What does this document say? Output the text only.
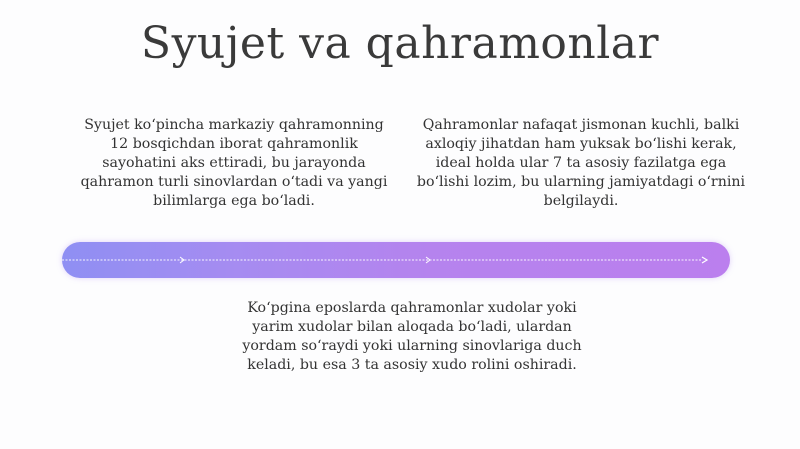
Syujet va qahramonlar
Syujet ko‘pincha markaziy qahramonning 12 bosqichdan iborat qahramonlik sayohatini aks ettiradi, bu jarayonda qahramon turli sinovlardan o‘tadi va yangi bilimlarga ega bo‘ladi.
Qahramonlar nafaqat jismonan kuchli, balki axloqiy jihatdan ham yuksak bo‘lishi kerak, ideal holda ular 7 ta asosiy fazilatga ega bo‘lishi lozim, bu ularning jamiyatdagi o‘rnini belgilaydi.
Ko‘pgina eposlarda qahramonlar xudolar yoki yarim xudolar bilan aloqada bo‘ladi, ulardan yordam so‘raydi yoki ularning sinovlariga duch keladi, bu esa 3 ta asosiy xudo rolini oshiradi.
